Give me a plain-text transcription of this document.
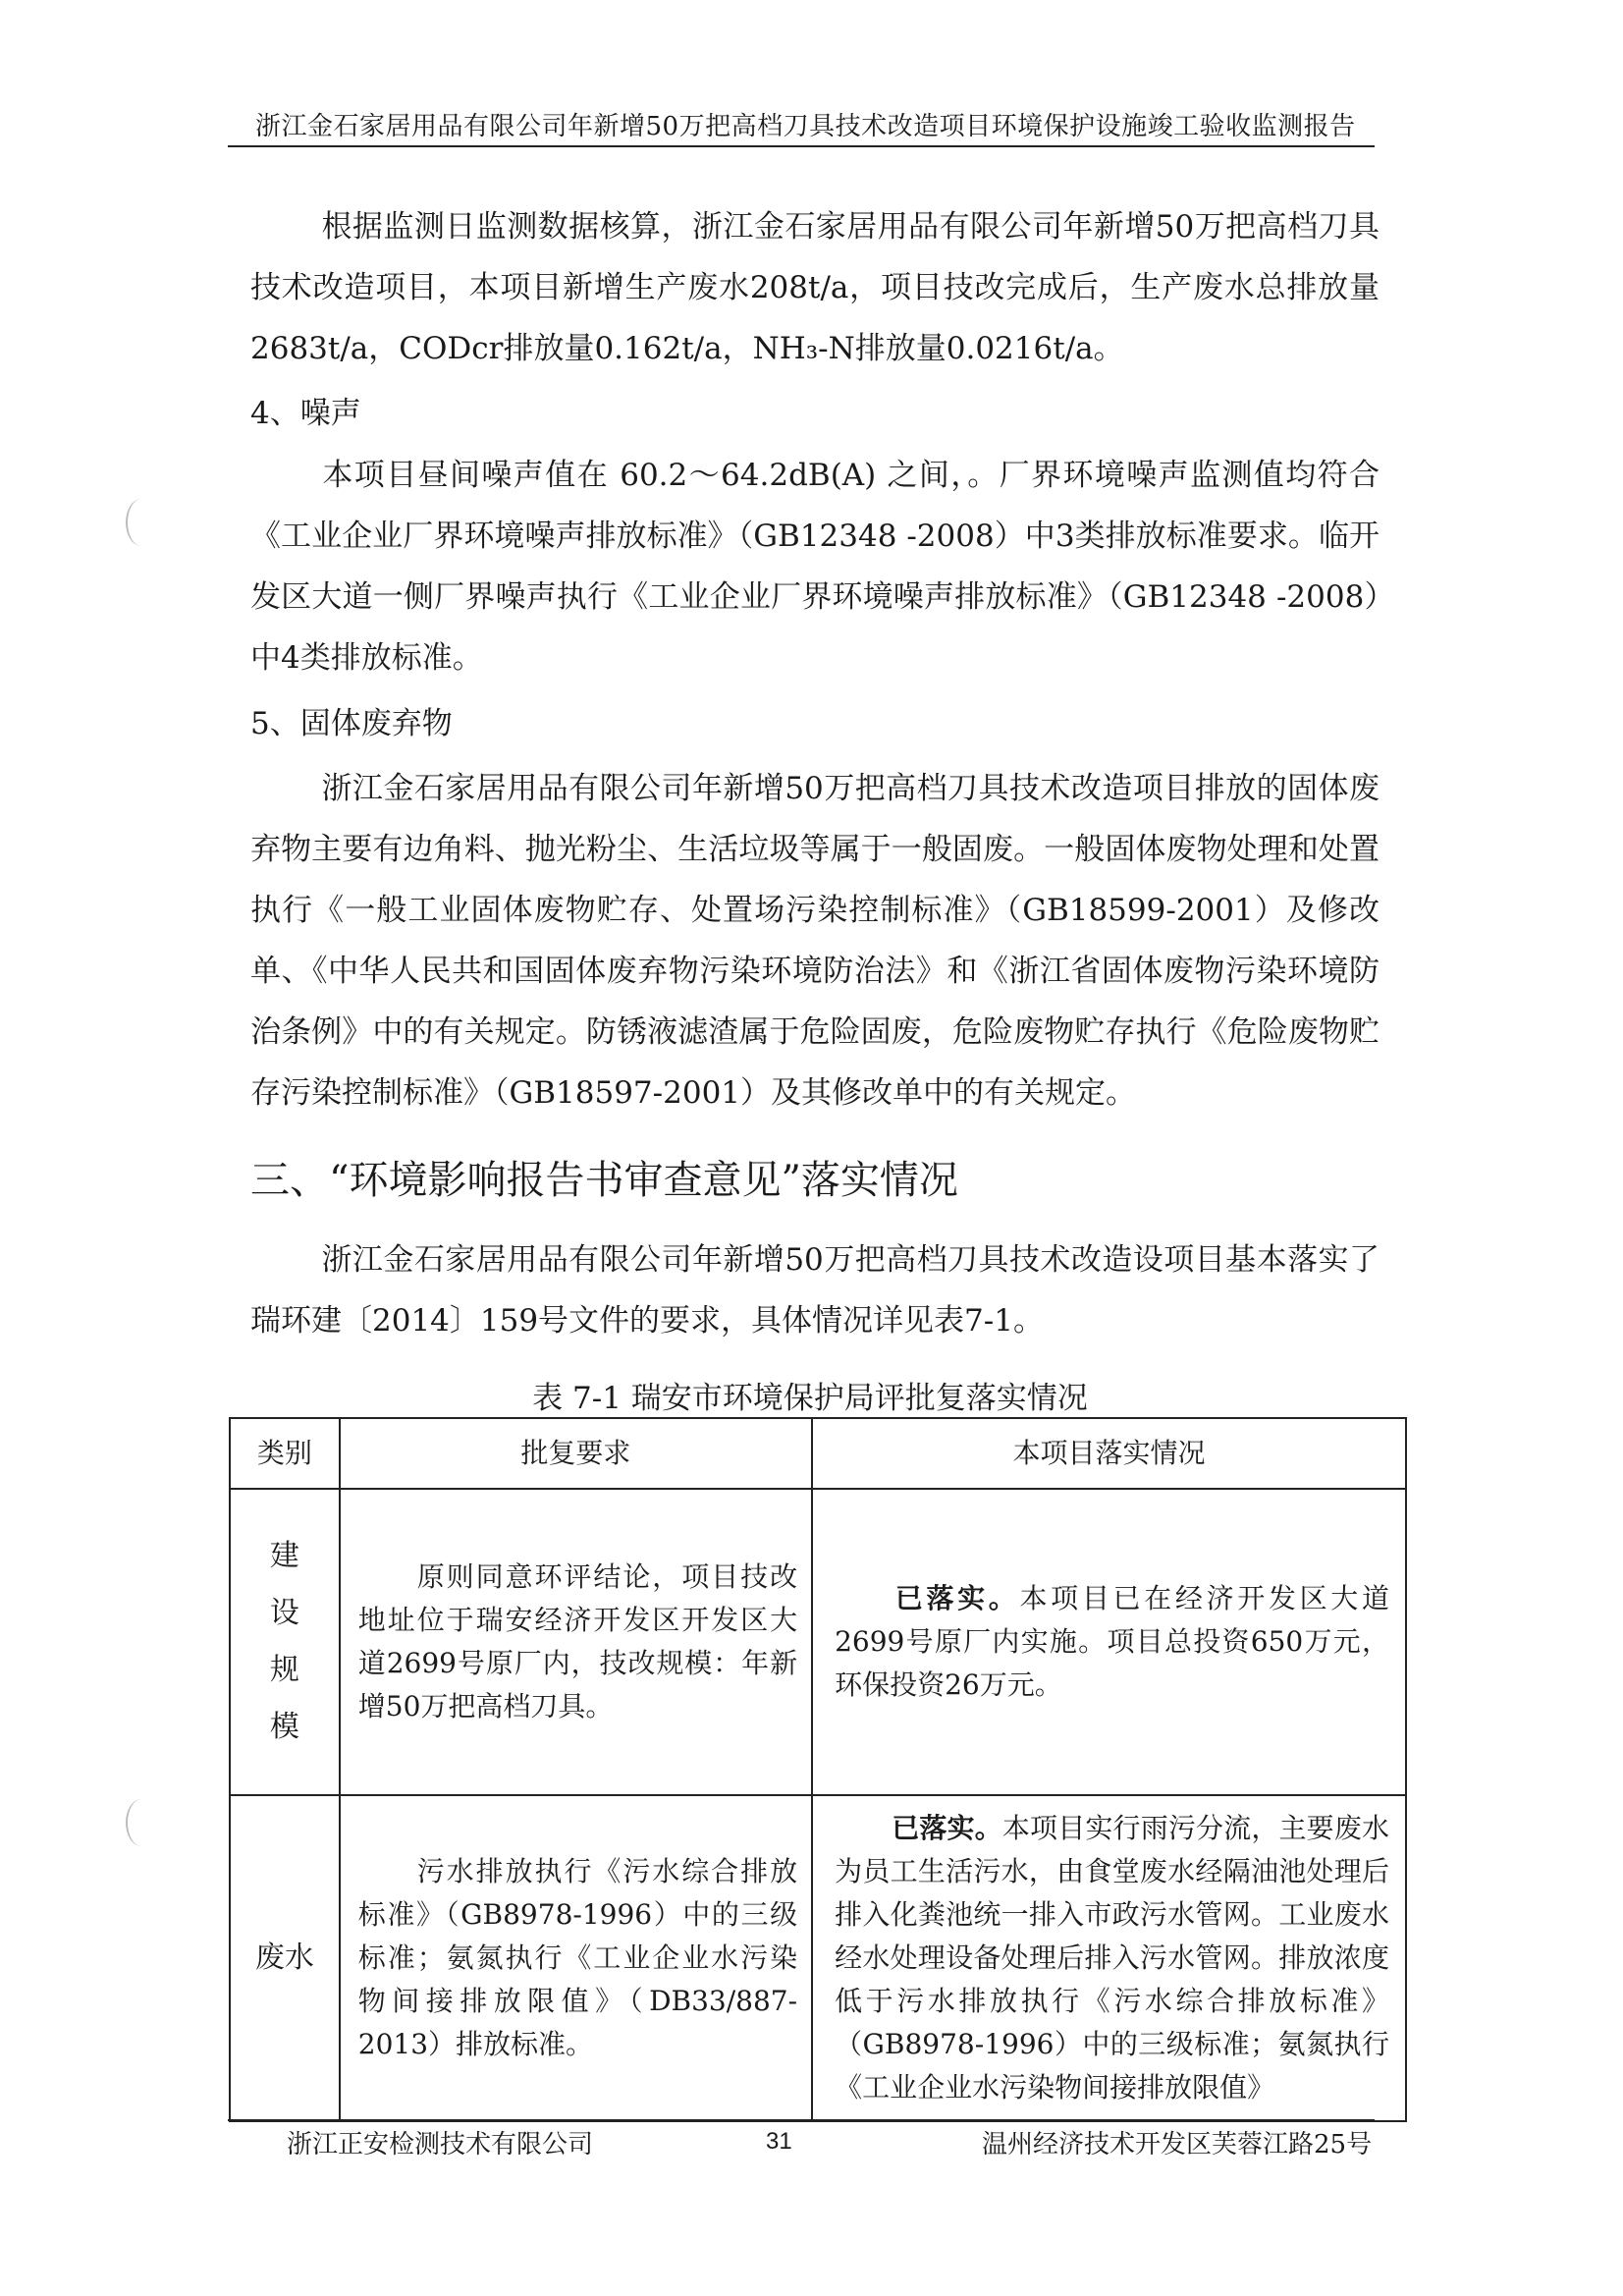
浙江金石家居用品有限公司年新增50万把高档刀具技术改造项目环境保护设施竣工验收监测报告

根据监测日监测数据核算，浙江金石家居用品有限公司年新增50万把高档刀具技术改造项目，本项目新增生产废水208t/a，项目技改完成后，生产废水总排放量2683t/a，CODcr排放量0.162t/a，NH₃-N排放量0.0216t/a。

4、噪声

本项目昼间噪声值在 60.2～64.2dB(A) 之间，。厂界环境噪声监测值均符合《工业企业厂界环境噪声排放标准》（GB12348 -2008）中3类排放标准要求。临开发区大道一侧厂界噪声执行《工业企业厂界环境噪声排放标准》（GB12348 -2008）中4类排放标准。

5、固体废弃物

浙江金石家居用品有限公司年新增50万把高档刀具技术改造项目排放的固体废弃物主要有边角料、抛光粉尘、生活垃圾等属于一般固废。一般固体废物处理和处置执行《一般工业固体废物贮存、处置场污染控制标准》（GB18599-2001）及修改单、《中华人民共和国固体废弃物污染环境防治法》和《浙江省固体废物污染环境防治条例》中的有关规定。防锈液滤渣属于危险固废，危险废物贮存执行《危险废物贮存污染控制标准》（GB18597-2001）及其修改单中的有关规定。

三、“环境影响报告书审查意见”落实情况

浙江金石家居用品有限公司年新增50万把高档刀具技术改造设项目基本落实了瑞环建〔2014〕159号文件的要求，具体情况详见表7-1。

表 7-1 瑞安市环境保护局评批复落实情况

类别	批复要求	本项目落实情况

建
设
规
模	原则同意环评结论，项目技改地址位于瑞安经济开发区开发区大道2699号原厂内，技改规模：年新增50万把高档刀具。	已落实。本项目已在经济开发区大道2699号原厂内实施。项目总投资650万元，环保投资26万元。

废水	污水排放执行《污水综合排放标准》（GB8978-1996）中的三级标准；氨氮执行《工业企业水污染物间接排放限值》（DB33/887-2013）排放标准。	已落实。本项目实行雨污分流，主要废水为员工生活污水，由食堂废水经隔油池处理后排入化粪池统一排入市政污水管网。工业废水经水处理设备处理后排入污水管网。排放浓度低于污水排放执行《污水综合排放标准》（GB8978-1996）中的三级标准；氨氮执行《工业企业水污染物间接排放限值》
浙江正安检测技术有限公司	31	温州经济技术开发区芙蓉江路25号
